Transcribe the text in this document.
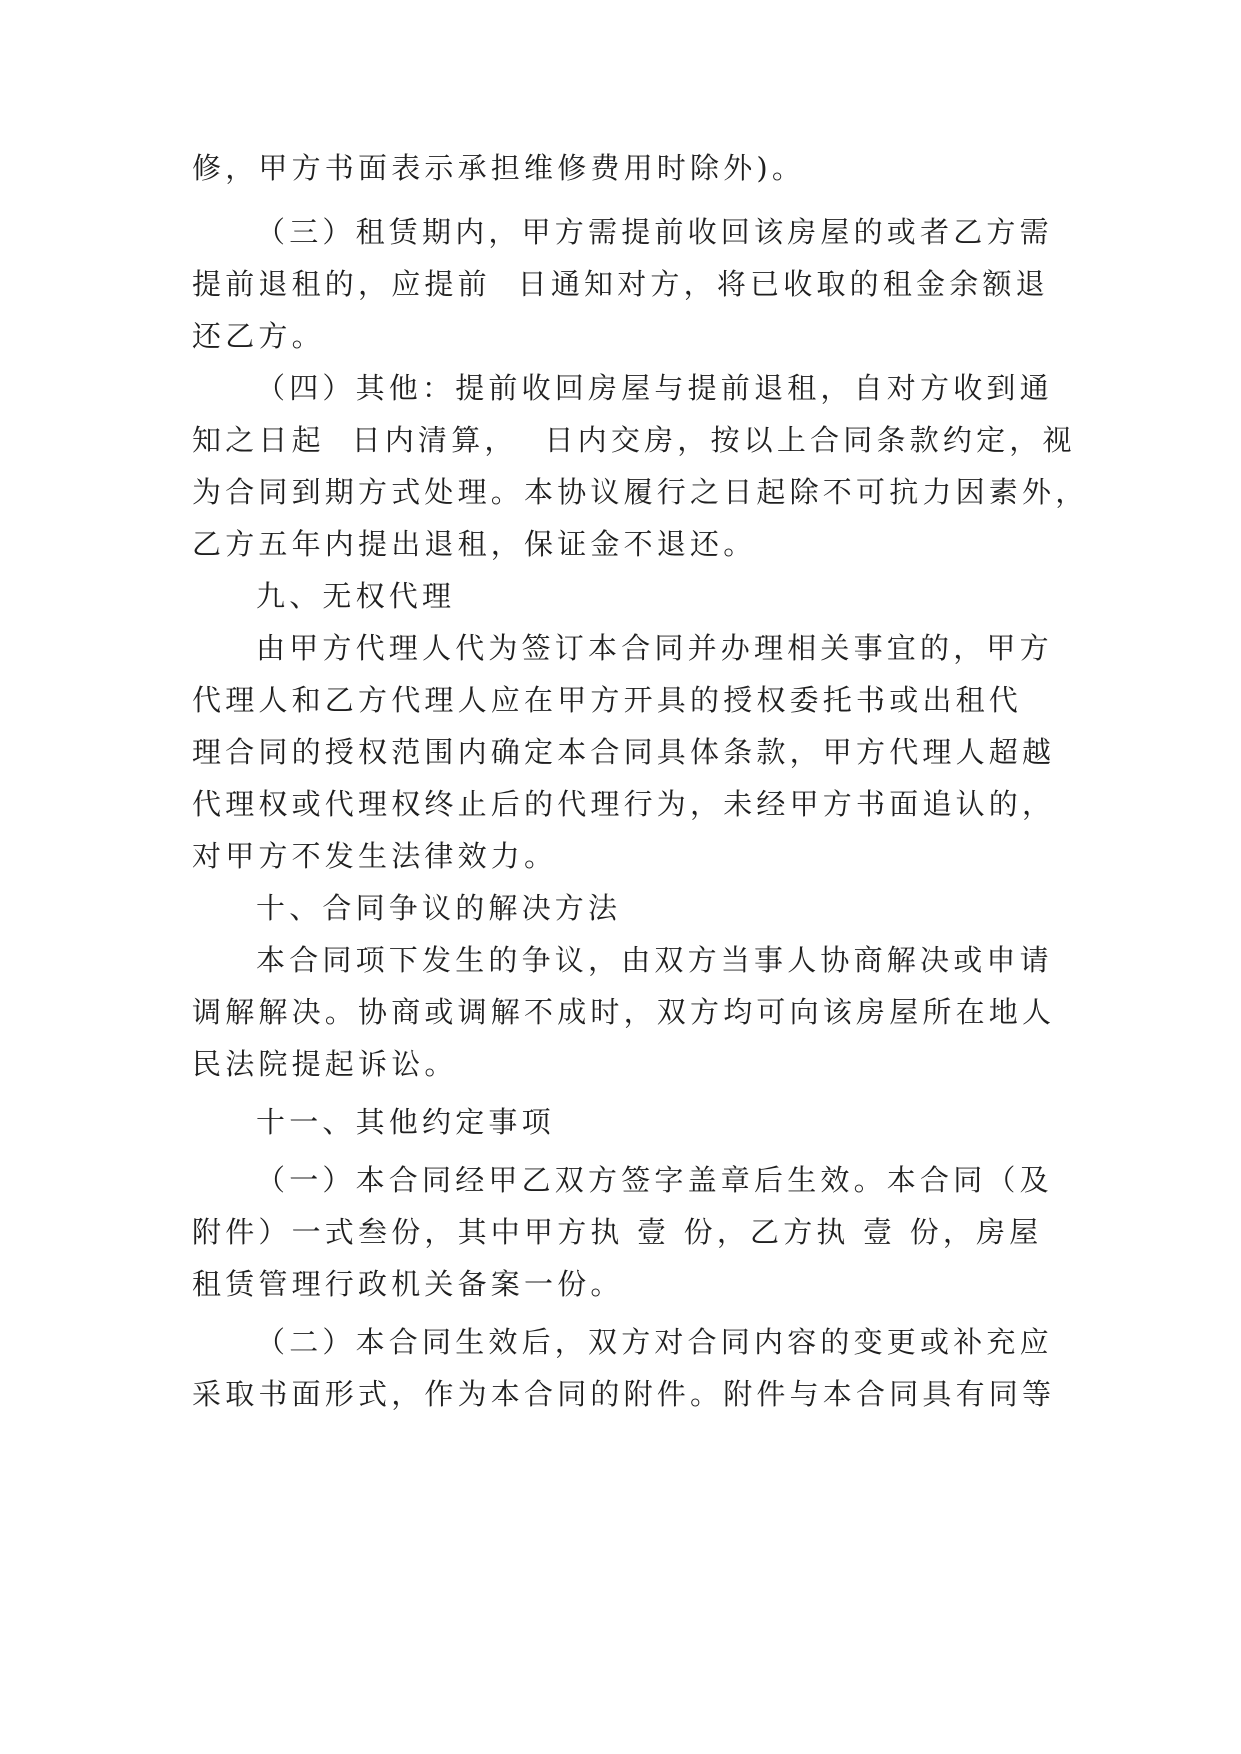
修，甲方书面表示承担维修费用时除外)。

（三）租赁期内，甲方需提前收回该房屋的或者乙方需

提前退租的，应提前  日通知对方，将已收取的租金余额退

还乙方。

（四）其他：提前收回房屋与提前退租，自对方收到通

知之日起  日内清算，  日内交房，按以上合同条款约定，视

为合同到期方式处理。本协议履行之日起除不可抗力因素外，

乙方五年内提出退租，保证金不退还。

九、无权代理

由甲方代理人代为签订本合同并办理相关事宜的，甲方

代理人和乙方代理人应在甲方开具的授权委托书或出租代

理合同的授权范围内确定本合同具体条款，甲方代理人超越

代理权或代理权终止后的代理行为，未经甲方书面追认的，

对甲方不发生法律效力。

十、合同争议的解决方法

本合同项下发生的争议，由双方当事人协商解决或申请

调解解决。协商或调解不成时，双方均可向该房屋所在地人

民法院提起诉讼。

十一、其他约定事项

（一）本合同经甲乙双方签字盖章后生效。本合同（及

附件）一式叁份，其中甲方执 壹 份，乙方执 壹 份，房屋

租赁管理行政机关备案一份。

（二）本合同生效后，双方对合同内容的变更或补充应

采取书面形式，作为本合同的附件。附件与本合同具有同等
